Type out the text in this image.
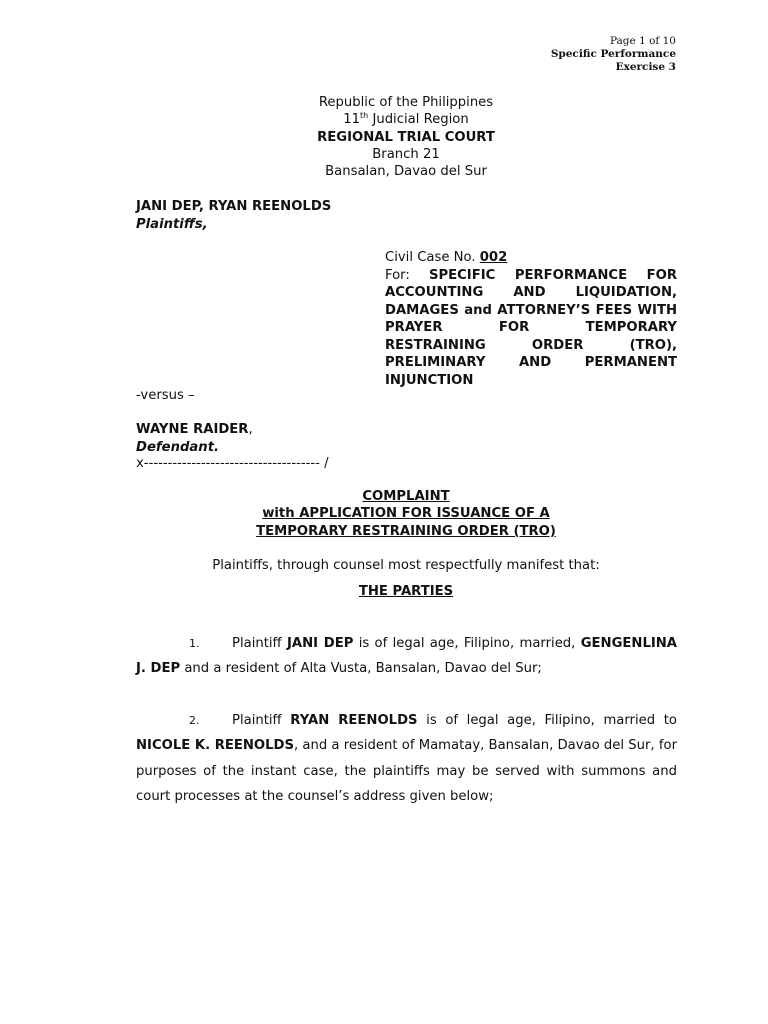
Page 1 of 10
Specific Performance
Exercise 3
Republic of the Philippines
11th Judicial Region
REGIONAL TRIAL COURT
Branch 21
Bansalan, Davao del Sur
JANI DEP, RYAN REENOLDS
Plaintiffs,
Civil Case No. 002
For: SPECIFIC PERFORMANCE FOR ACCOUNTING AND LIQUIDATION, DAMAGES and ATTORNEY’S FEES WITH PRAYER FOR TEMPORARY RESTRAINING ORDER (TRO), PRELIMINARY AND PERMANENT INJUNCTION
-versus –
WAYNE RAIDER,
Defendant.
x------------------------------------- /
COMPLAINT
with APPLICATION FOR ISSUANCE OF A
TEMPORARY RESTRAINING ORDER (TRO)
Plaintiffs, through counsel most respectfully manifest that:
THE PARTIES
1. Plaintiff JANI DEP is of legal age, Filipino, married, GENGENLINA J. DEP and a resident of Alta Vusta, Bansalan, Davao del Sur;
2. Plaintiff RYAN REENOLDS is of legal age, Filipino, married to NICOLE K. REENOLDS, and a resident of Mamatay, Bansalan, Davao del Sur, for purposes of the instant case, the plaintiffs may be served with summons and court processes at the counsel’s address given below;
